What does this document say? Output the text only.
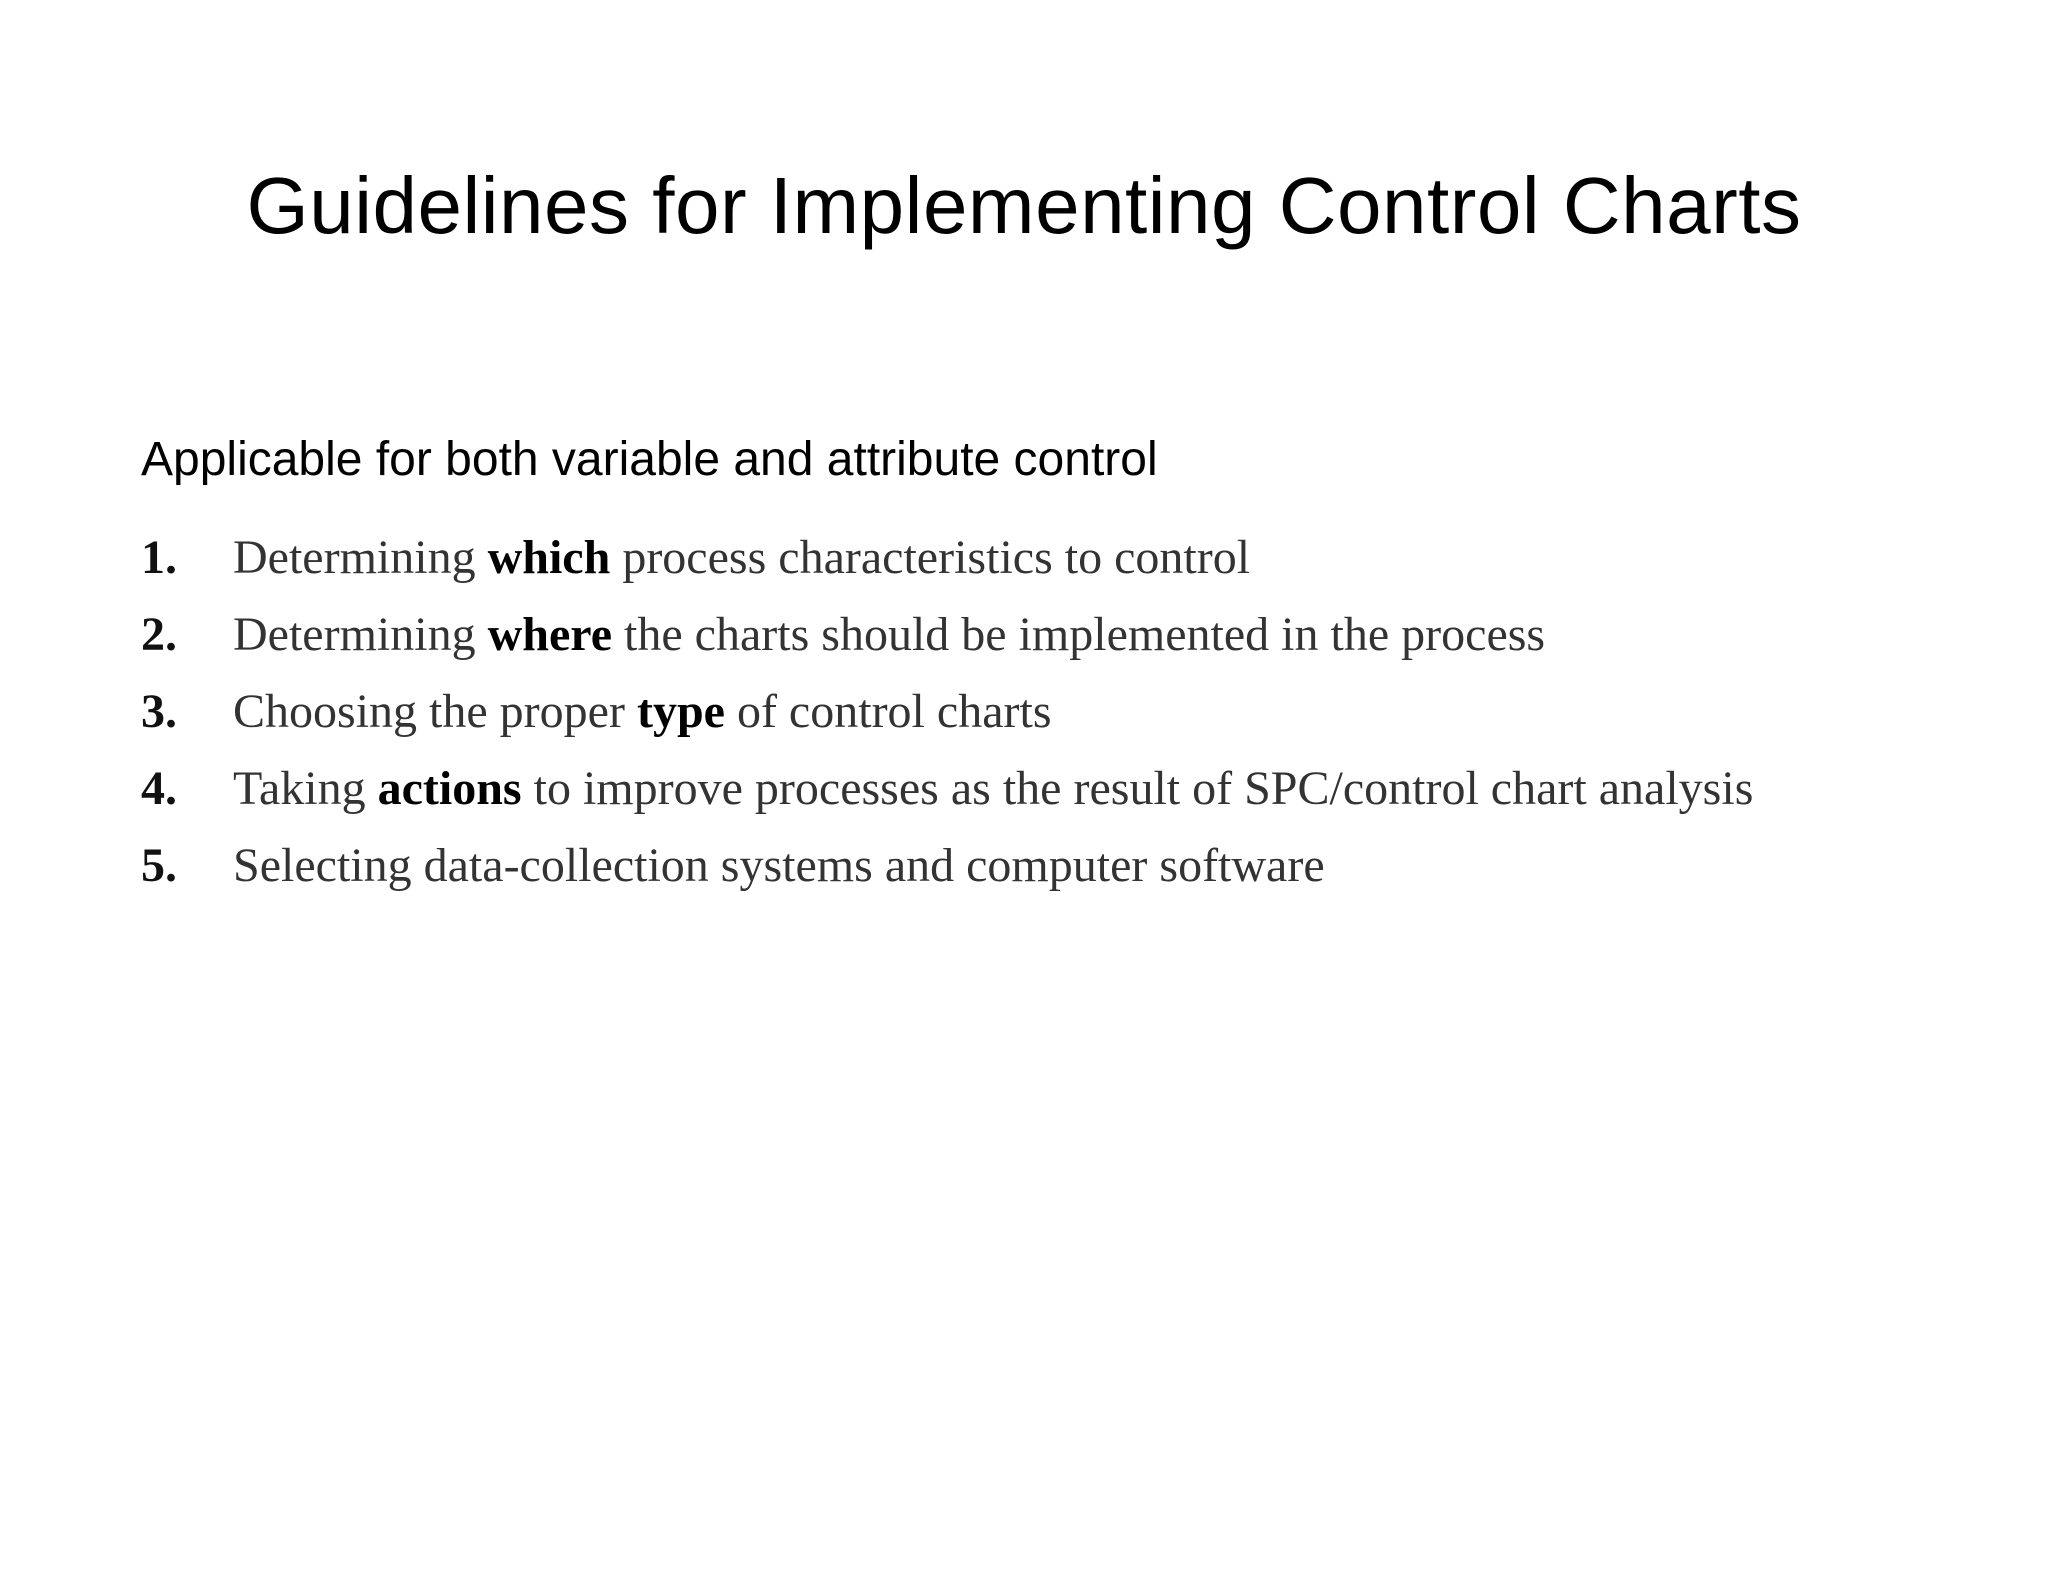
Guidelines for Implementing Control Charts

Applicable for both variable and attribute control

1.	Determining which process characteristics to control
2.	Determining where the charts should be implemented in the process
3.	Choosing the proper type of control charts
4.	Taking actions to improve processes as the result of SPC/control chart analysis
5.	Selecting data-collection systems and computer software
